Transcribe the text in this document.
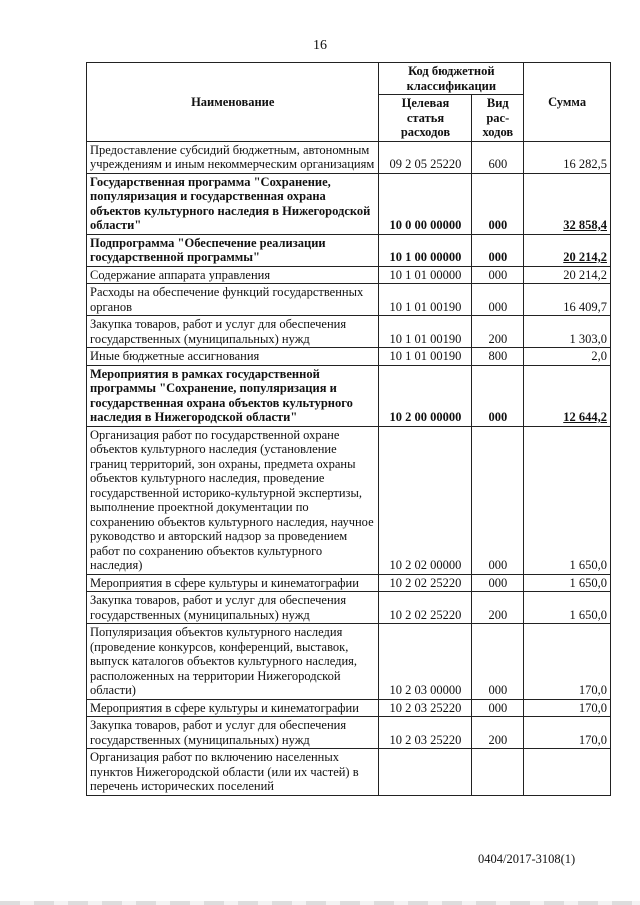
16
Наименование	Код бюджетной классификации		Сумма
	Целевая статья расходов	Вид рас-ходов	
Предоставление субсидий бюджетным, автономным учреждениям и иным некоммерческим организациям	09 2 05 25220	600	16 282,5
Государственная программа "Сохранение, популяризация и государственная охрана объектов культурного наследия в Нижегородской области"	10 0 00 00000	000	32 858,4
Подпрограмма "Обеспечение реализации государственной программы"	10 1 00 00000	000	20 214,2
Содержание аппарата управления	10 1 01 00000	000	20 214,2
Расходы на обеспечение функций государственных органов	10 1 01 00190	000	16 409,7
Закупка товаров, работ и услуг для обеспечения государственных (муниципальных) нужд	10 1 01 00190	200	1 303,0
Иные бюджетные ассигнования	10 1 01 00190	800	2,0
Мероприятия в рамках государственной программы "Сохранение, популяризация и государственная охрана объектов культурного наследия в Нижегородской области"	10 2 00 00000	000	12 644,2
Организация работ по государственной охране объектов культурного наследия (установление границ территорий, зон охраны, предмета охраны объектов культурного наследия, проведение государственной историко-культурной экспертизы, выполнение проектной документации по сохранению объектов культурного наследия, научное руководство и авторский надзор за проведением работ по сохранению объектов культурного наследия)	10 2 02 00000	000	1 650,0
Мероприятия в сфере культуры и кинематографии	10 2 02 25220	000	1 650,0
Закупка товаров, работ и услуг для обеспечения государственных (муниципальных) нужд	10 2 02 25220	200	1 650,0
Популяризация объектов культурного наследия (проведение конкурсов, конференций, выставок, выпуск каталогов объектов культурного наследия, расположенных на территории Нижегородской области)	10 2 03 00000	000	170,0
Мероприятия в сфере культуры и кинематографии	10 2 03 25220	000	170,0
Закупка товаров, работ и услуг для обеспечения государственных (муниципальных) нужд	10 2 03 25220	200	170,0
Организация работ по включению населенных пунктов Нижегородской области (или их частей) в перечень исторических поселений			
0404/2017-3108(1)
